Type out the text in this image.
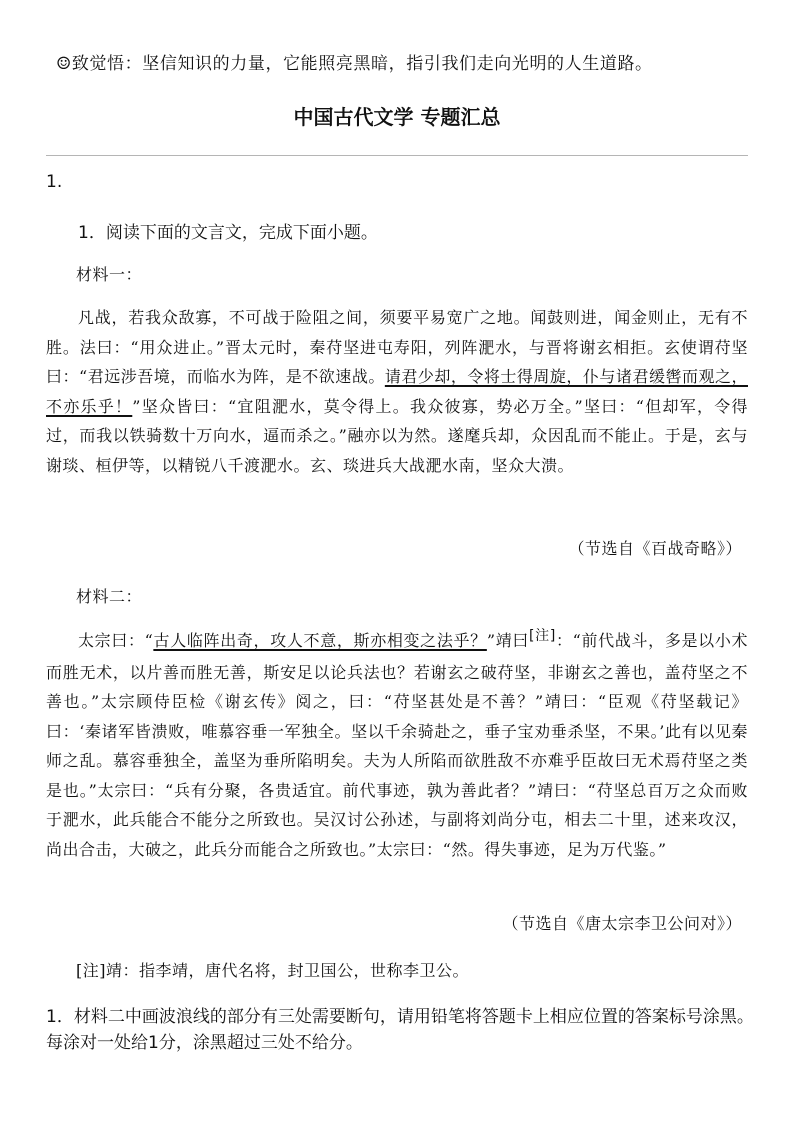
☺致觉悟：坚信知识的力量，它能照亮黑暗，指引我们走向光明的人生道路。
中国古代文学 专题汇总
1.
1．阅读下面的文言文，完成下面小题。
材料一：
凡战，若我众敌寡，不可战于险阻之间，须要平易宽广之地。闻鼓则进，闻金则止，无有不胜。法曰：“用众进止。”晋太元时，秦苻坚进屯寿阳，列阵淝水，与晋将谢玄相拒。玄使谓苻坚曰：“君远涉吾境，而临水为阵，是不欲速战。请君少却，令将士得周旋，仆与诸君缓辔而观之，不亦乐乎！”坚众皆曰：“宜阻淝水，莫令得上。我众彼寡，势必万全。”坚曰：“但却军，令得过，而我以铁骑数十万向水，逼而杀之。”融亦以为然。遂麾兵却，众因乱而不能止。于是，玄与谢琰、桓伊等，以精锐八千渡淝水。玄、琰进兵大战淝水南，坚众大溃。
（节选自《百战奇略》）
材料二：
太宗曰：“古人临阵出奇，攻人不意，斯亦相变之法乎？”靖曰[注]：“前代战斗，多是以小术而胜无术，以片善而胜无善，斯安足以论兵法也？若谢玄之破苻坚，非谢玄之善也，盖苻坚之不善也。”太宗顾侍臣检《谢玄传》阅之，曰：“苻坚甚处是不善？”靖曰：“臣观《苻坚载记》曰：‘秦诸军皆溃败，唯慕容垂一军独全。坚以千余骑赴之，垂子宝劝垂杀坚，不果。’此有以见秦师之乱。慕容垂独全，盖坚为垂所陷明矣。夫为人所陷而欲胜敌不亦难乎臣故曰无术焉苻坚之类是也。”太宗曰：“兵有分聚，各贵适宜。前代事迹，孰为善此者？”靖曰：“苻坚总百万之众而败于淝水，此兵能合不能分之所致也。吴汉讨公孙述，与副将刘尚分屯，相去二十里，述来攻汉，尚出合击，大破之，此兵分而能合之所致也。”太宗曰：“然。得失事迹，足为万代鉴。”
（节选自《唐太宗李卫公问对》）
[注]靖：指李靖，唐代名将，封卫国公，世称李卫公。
1．材料二中画波浪线的部分有三处需要断句，请用铅笔将答题卡上相应位置的答案标号涂黑。每涂对一处给1分，涂黑超过三处不给分。
